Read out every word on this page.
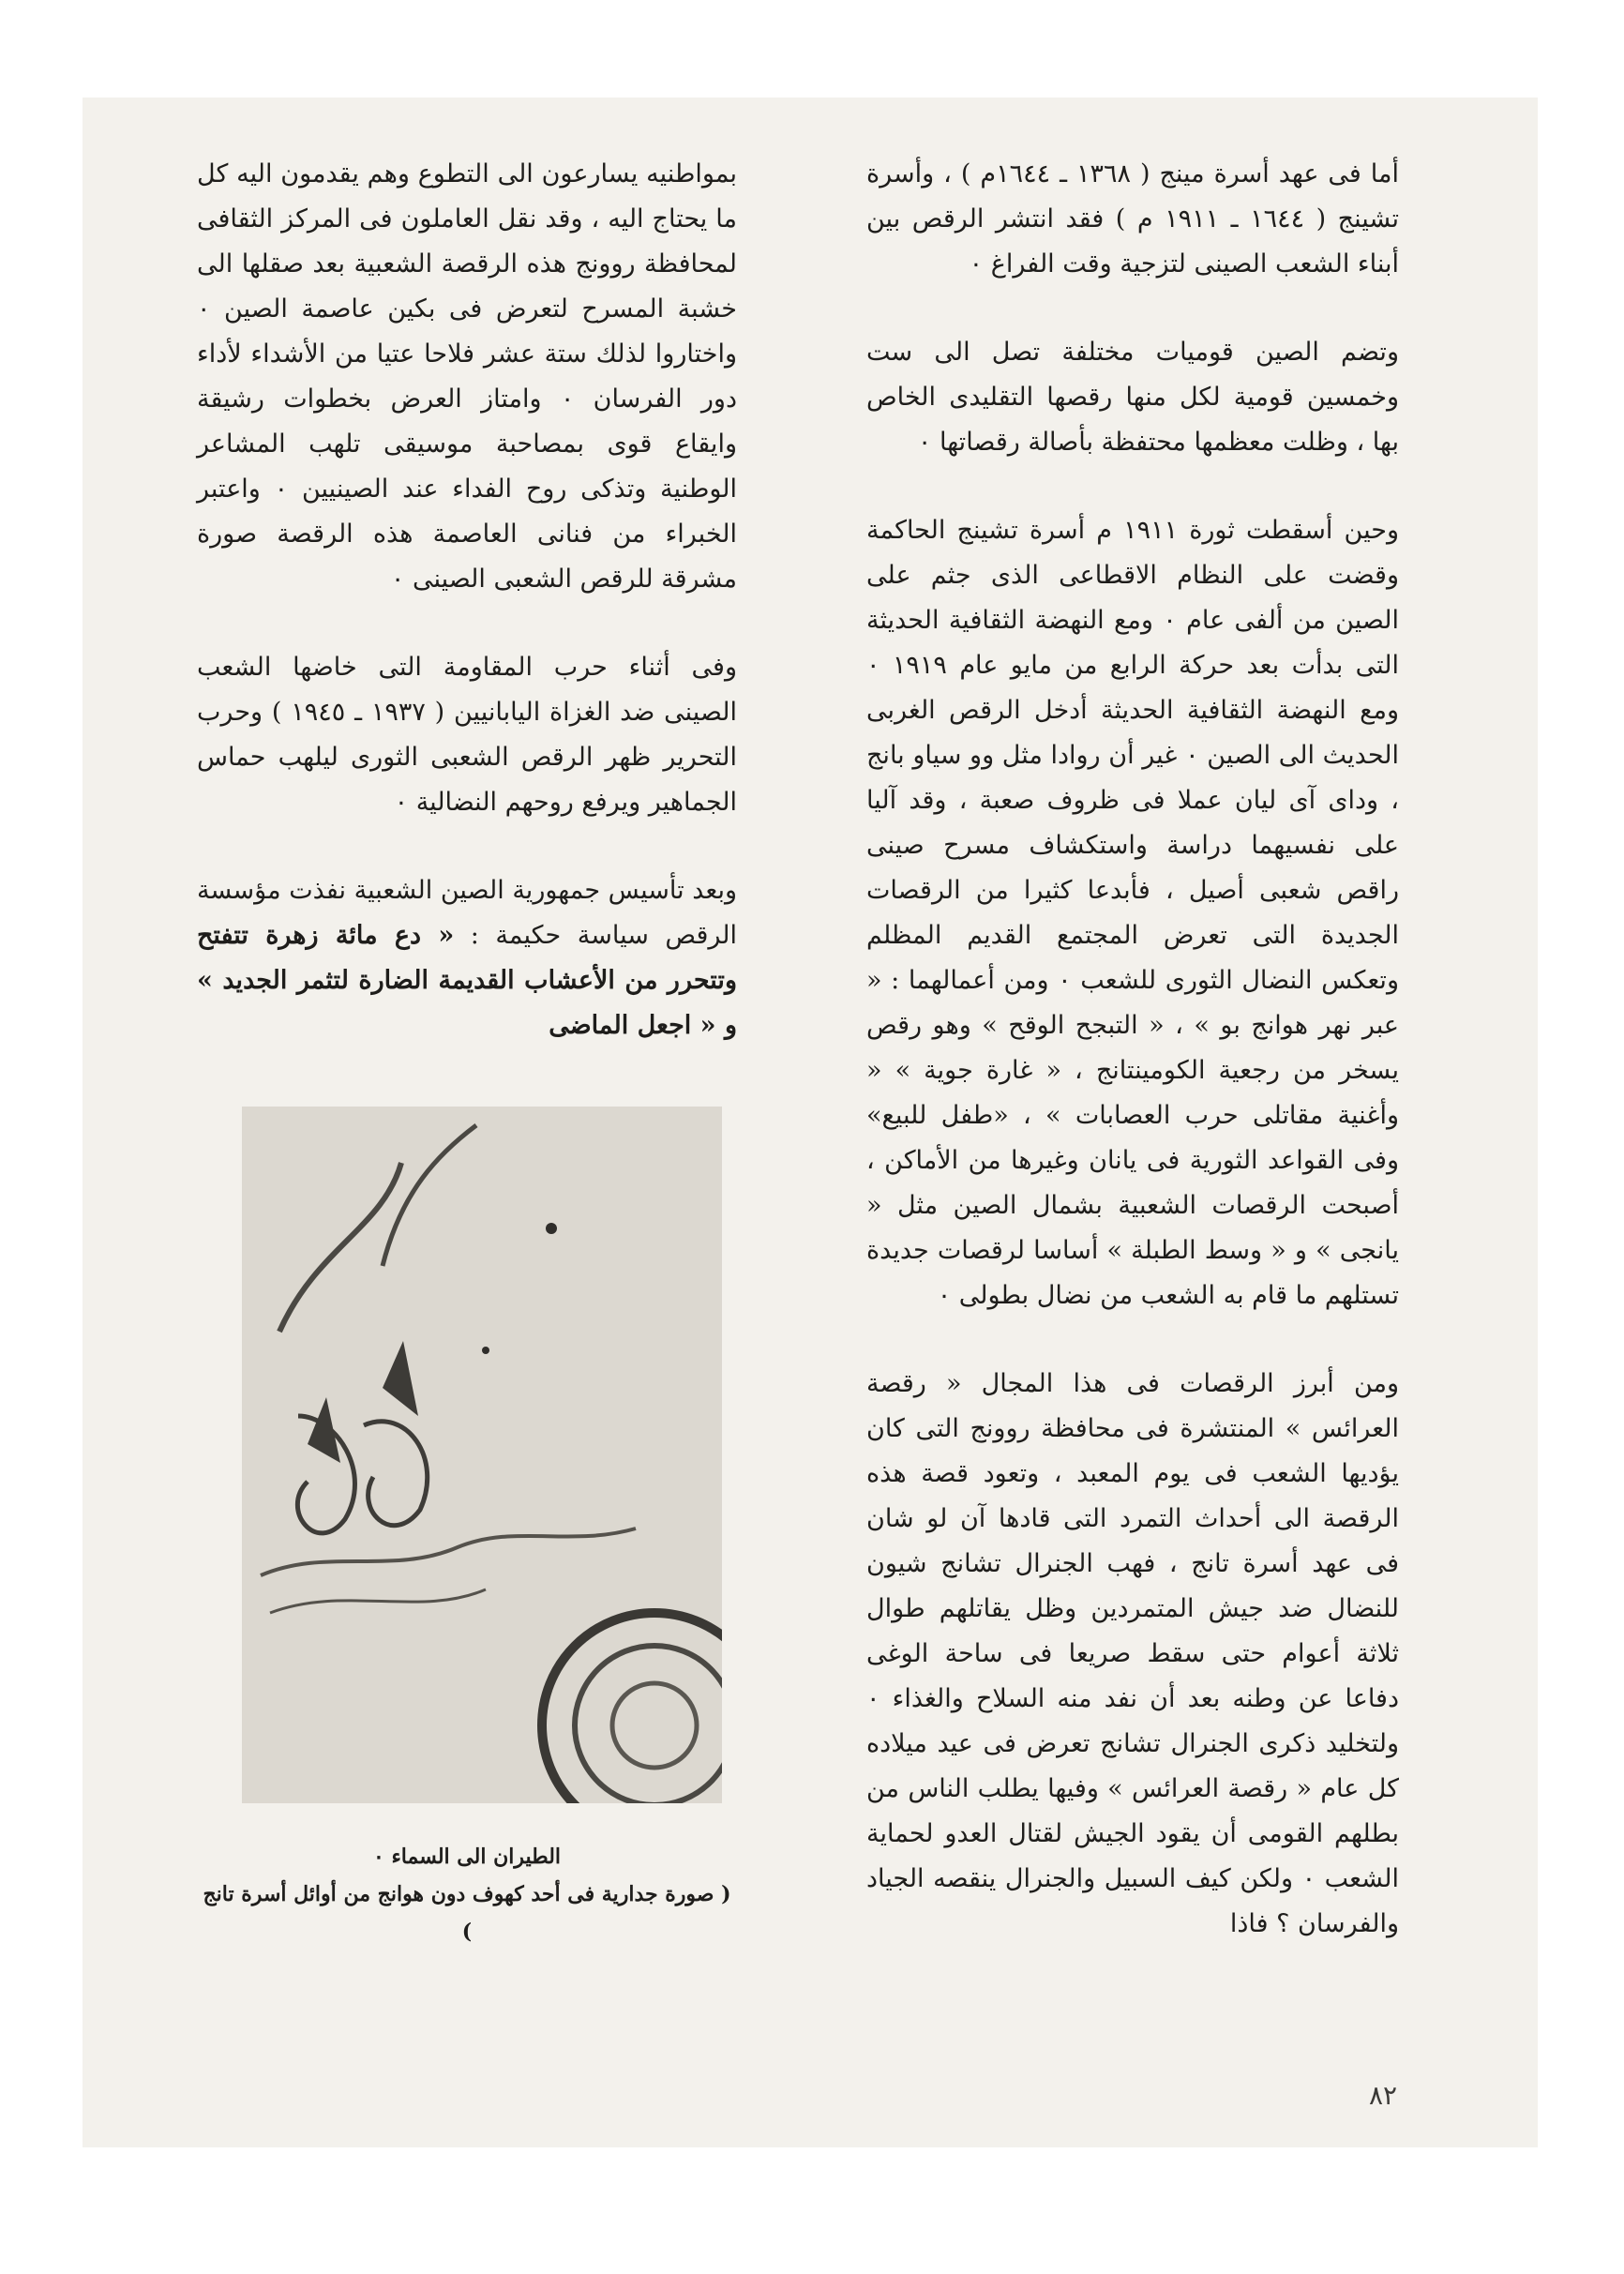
أما فى عهد أسرة مينج ( ١٣٦٨ ـ ١٦٤٤م ) ، وأسرة تشينج ( ١٦٤٤ ـ ١٩١١ م ) فقد انتشر الرقص بين أبناء الشعب الصينى لتزجية وقت الفراغ ٠

وتضم الصين قوميات مختلفة تصل الى ست وخمسين قومية لكل منها رقصها التقليدى الخاص بها ، وظلت معظمها محتفظة بأصالة رقصاتها ٠

وحين أسقطت ثورة ١٩١١ م أسرة تشينج الحاكمة وقضت على النظام الاقطاعى الذى جثم على الصين من ألفى عام ٠ ومع النهضة الثقافية الحديثة التى بدأت بعد حركة الرابع من مايو عام ١٩١٩ ٠ ومع النهضة الثقافية الحديثة أدخل الرقص الغربى الحديث الى الصين ٠ غير أن روادا مثل وو سياو بانج ، وداى آى ليان عملا فى ظروف صعبة ، وقد آليا على نفسيهما دراسة واستكشاف مسرح صينى راقص شعبى أصيل ، فأبدعا كثيرا من الرقصات الجديدة التى تعرض المجتمع القديم المظلم وتعكس النضال الثورى للشعب ٠ ومن أعمالهما : « عبر نهر هوانج بو » ، « التبجح الوقح » وهو رقص يسخر من رجعية الكومينتانج ، « غارة جوية » « وأغنية مقاتلى حرب العصابات » ، «طفل للبيع» وفى القواعد الثورية فى يانان وغيرها من الأماكن ، أصبحت الرقصات الشعبية بشمال الصين مثل « يانجى » و « وسط الطبلة » أساسا لرقصات جديدة تستلهم ما قام به الشعب من نضال بطولى ٠

ومن أبرز الرقصات فى هذا المجال « رقصة العرائس » المنتشرة فى محافظة روونج التى كان يؤديها الشعب فى يوم المعبد ، وتعود قصة هذه الرقصة الى أحداث التمرد التى قادها آن لو شان فى عهد أسرة تانج ، فهب الجنرال تشانج شيون للنضال ضد جيش المتمردين وظل يقاتلهم طوال ثلاثة أعوام حتى سقط صريعا فى ساحة الوغى دفاعا عن وطنه بعد أن نفد منه السلاح والغذاء ٠ ولتخليد ذكرى الجنرال تشانج تعرض فى عيد ميلاده كل عام « رقصة العرائس » وفيها يطلب الناس من بطلهم القومى أن يقود الجيش لقتال العدو لحماية الشعب ٠ ولكن كيف السبيل والجنرال ينقصه الجياد والفرسان ؟ فاذا

بمواطنيه يسارعون الى التطوع وهم يقدمون اليه كل ما يحتاج اليه ، وقد نقل العاملون فى المركز الثقافى لمحافظة روونج هذه الرقصة الشعبية بعد صقلها الى خشبة المسرح لتعرض فى بكين عاصمة الصين ٠ واختاروا لذلك ستة عشر فلاحا عتيا من الأشداء لأداء دور الفرسان ٠ وامتاز العرض بخطوات رشيقة وايقاع قوى بمصاحبة موسيقى تلهب المشاعر الوطنية وتذكى روح الفداء عند الصينيين ٠ واعتبر الخبراء من فنانى العاصمة هذه الرقصة صورة مشرقة للرقص الشعبى الصينى ٠

وفى أثناء حرب المقاومة التى خاضها الشعب الصينى ضد الغزاة اليابانيين ( ١٩٣٧ ـ ١٩٤٥ ) وحرب التحرير ظهر الرقص الشعبى الثورى ليلهب حماس الجماهير ويرفع روحهم النضالية ٠

وبعد تأسيس جمهورية الصين الشعبية نفذت مؤسسة الرقص سياسة حكيمة : « دع مائة زهرة تتفتح وتتحرر من الأعشاب القديمة الضارة لتثمر الجديد » و « اجعل الماضى

الطيران الى السماء ٠
( صورة جدارية فى أحد كهوف دون هوانج من أوائل أسرة تانج )
٨٢
